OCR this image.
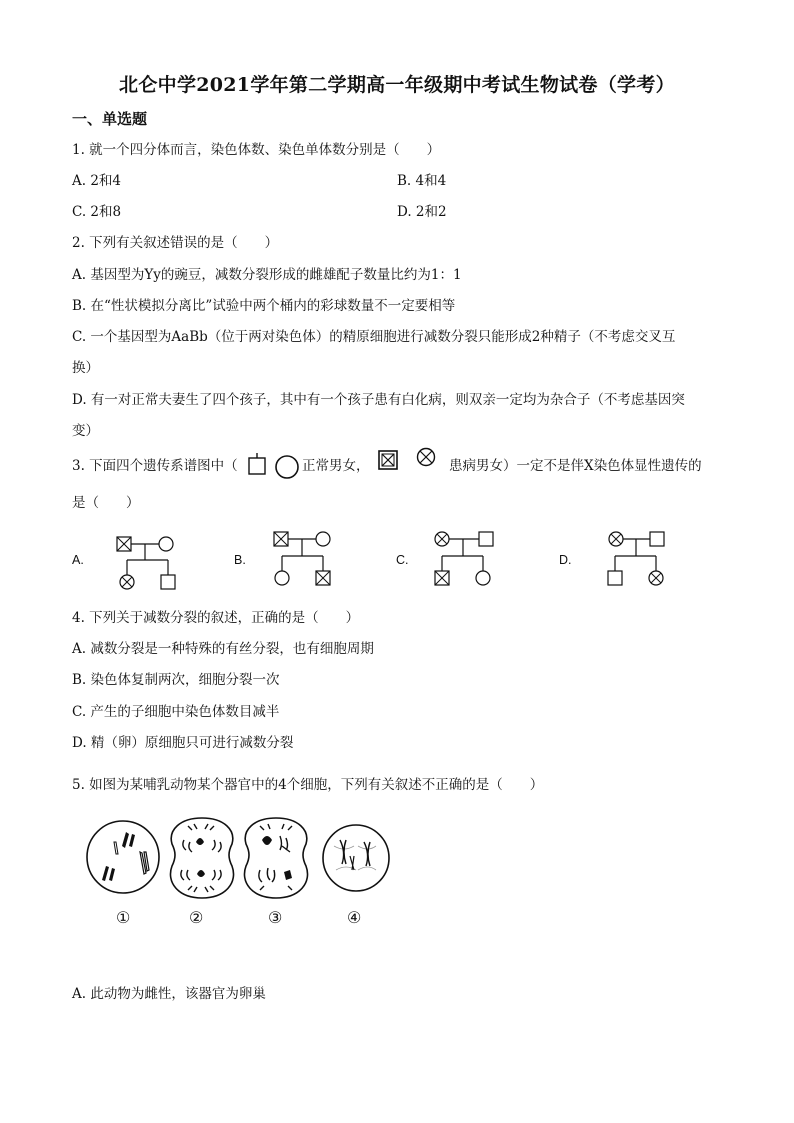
北仑中学2021学年第二学期高一年级期中考试生物试卷（学考）
一、单选题
1. 就一个四分体而言，染色体数、染色单体数分别是（　　）
A. 2和4	B. 4和4
C. 2和8	D. 2和2
2. 下列有关叙述错误的是（　　）
A. 基因型为Yy的豌豆，减数分裂形成的雌雄配子数量比约为1：1
B. 在“性状模拟分离比”试验中两个桶内的彩球数量不一定要相等
C. 一个基因型为AaBb（位于两对染色体）的精原细胞进行减数分裂只能形成2种精子（不考虑交叉互
换）
D. 有一对正常夫妻生了四个孩子，其中有一个孩子患有白化病，则双亲一定均为杂合子（不考虑基因突
变）
3. 下面四个遗传系谱图中（	正常男女，	患病男女）一定不是伴X染色体显性遗传的
是（　　）
A.	B.	C.	D.
4. 下列关于减数分裂的叙述，正确的是（　　）
A. 减数分裂是一种特殊的有丝分裂，也有细胞周期
B. 染色体复制两次，细胞分裂一次
C. 产生的子细胞中染色体数目减半
D. 精（卵）原细胞只可进行减数分裂
5. 如图为某哺乳动物某个器官中的4个细胞，下列有关叙述不正确的是（　　）
①	②	③	④
A. 此动物为雌性，该器官为卵巢
